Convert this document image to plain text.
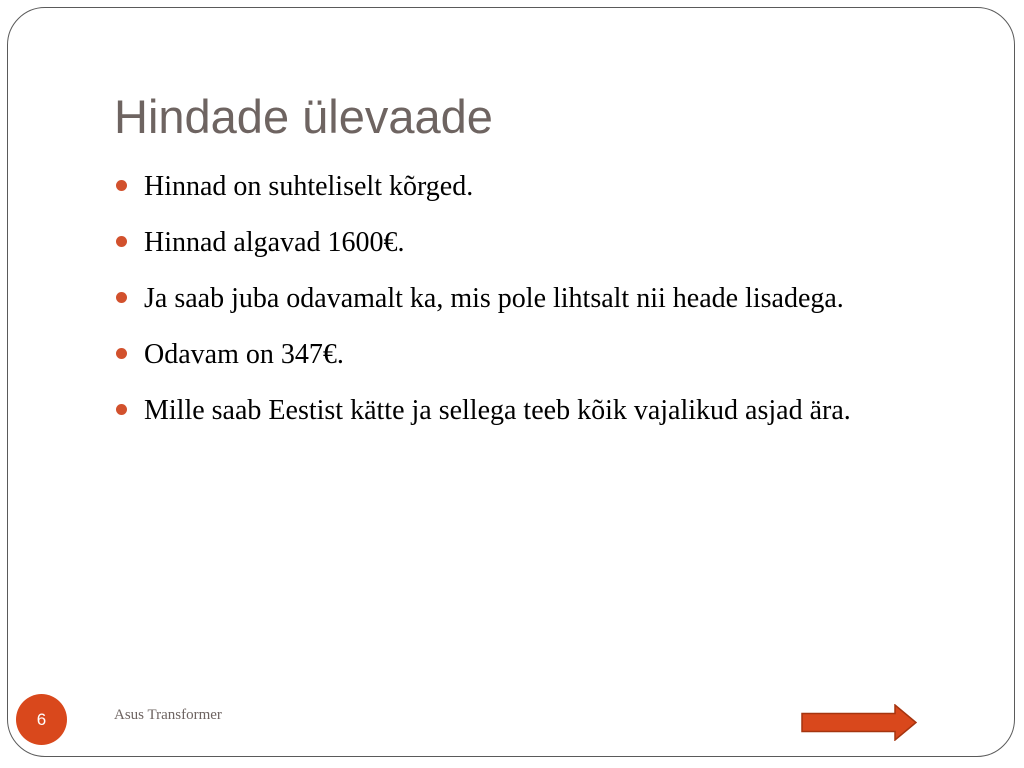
Hindade ülevaade
Hinnad on suhteliselt kõrged.
Hinnad algavad 1600€.
Ja saab juba odavamalt ka, mis pole lihtsalt nii heade lisadega.
Odavam on 347€.
Mille saab Eestist kätte ja sellega teeb kõik vajalikud asjad ära.
6	Asus Transformer
